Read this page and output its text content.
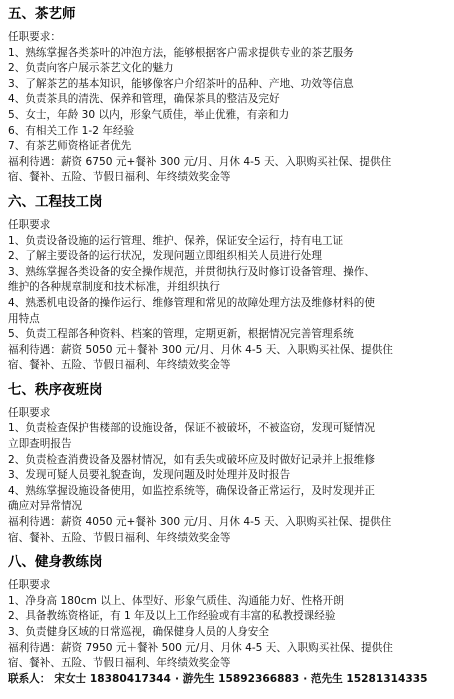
五、茶艺师
任职要求：
1、熟练掌握各类茶叶的冲泡方法，能够根据客户需求提供专业的茶艺服务
2、负责向客户展示茶艺文化的魅力
3、了解茶艺的基本知识，能够像客户介绍茶叶的品种、产地、功效等信息
4、负责茶具的清洗、保养和管理，确保茶具的整洁及完好
5、女士，年龄 30 以内，形象气质佳，举止优雅，有亲和力
6、有相关工作 1-2 年经验
7、有茶艺师资格证者优先
福利待遇：薪资 6750 元+餐补 300 元/月、月休 4-5 天、入职购买社保、提供住
宿、餐补、五险、节假日福利、年终绩效奖金等
六、工程技工岗
任职要求
1、负责设备设施的运行管理、维护、保养，保证安全运行，持有电工证
2、了解主要设备的运行状况，发现问题立即组织相关人员进行处理
3、熟练掌握各类设备的安全操作规范，并贯彻执行及时修订设备管理、操作、
维护的各种规章制度和技术标准，并组织执行
4、熟悉机电设备的操作运行、维修管理和常见的故障处理方法及维修材料的使
用特点
5、负责工程部各种资料、档案的管理，定期更新，根据情况完善管理系统
福利待遇：薪资 5050 元＋餐补 300 元/月、月休 4-5 天、入职购买社保、提供住
宿、餐补、五险、节假日福利、年终绩效奖金等
七、秩序夜班岗
任职要求
1、负责检查保护售楼部的设施设备，保证不被破坏，不被盗窃，发现可疑情况
立即查明报告
2、负责检查消费设备及器材情况，如有丢失或破坏应及时做好记录并上报维修
3、发现可疑人员要礼貌查询，发现问题及时处理并及时报告
4、熟练掌握设施设备使用，如监控系统等，确保设备正常运行，及时发现并正
确应对异常情况
福利待遇：薪资 4050 元+餐补 300 元/月、月休 4-5 天、入职购买社保、提供住
宿、餐补、五险、节假日福利、年终绩效奖金等
八、健身教练岗
任职要求
1、净身高 180cm 以上、体型好、形象气质佳、沟通能力好、性格开朗
2、具备教练资格证，有 1 年及以上工作经验或有丰富的私教授课经验
3、负责健身区域的日常巡视，确保健身人员的人身安全
福利待遇：薪资 7950 元＋餐补 500 元/月、月休 4-5 天、入职购买社保、提供住
宿、餐补、五险、节假日福利、年终绩效奖金等
联系人： 宋女士 18380417344 · 游先生 15892366883 · 范先生 15281314335
